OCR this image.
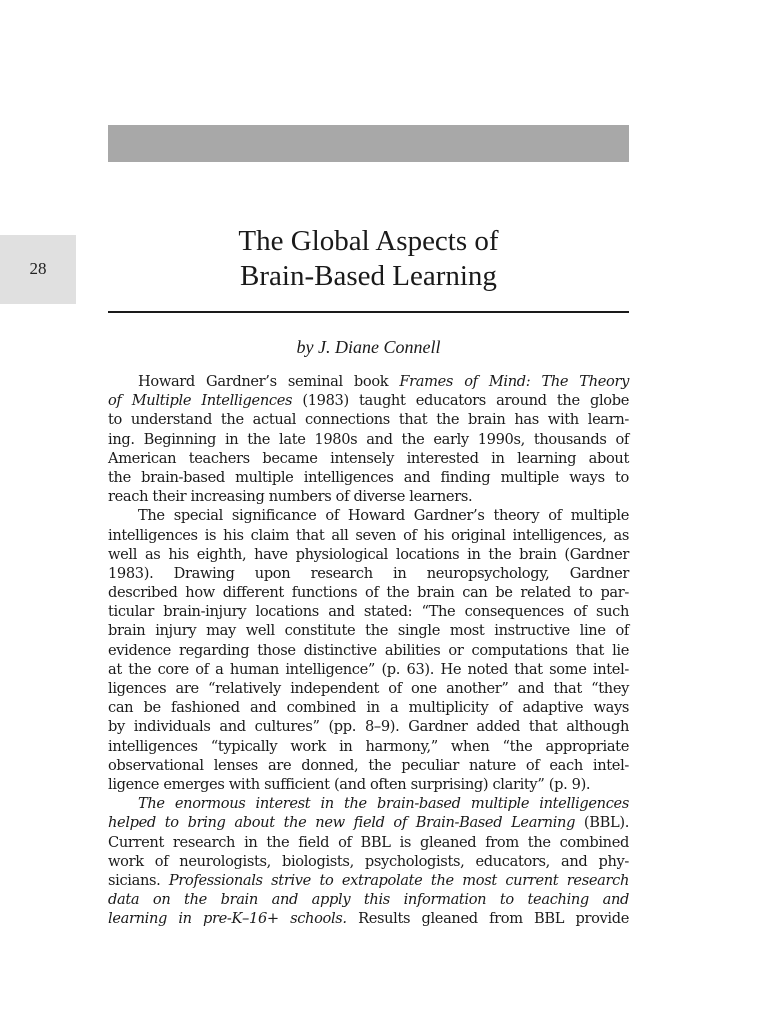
28
The Global Aspects of
Brain-Based Learning
by J. Diane Connell
Howard Gardner’s seminal book Frames of Mind: The Theory
of Multiple Intelligences (1983) taught educators around the globe
to understand the actual connections that the brain has with learn-
ing. Beginning in the late 1980s and the early 1990s, thousands of
American teachers became intensely interested in learning about
the brain-based multiple intelligences and finding multiple ways to
reach their increasing numbers of diverse learners.
The special significance of Howard Gardner’s theory of multiple
intelligences is his claim that all seven of his original intelligences, as
well as his eighth, have physiological locations in the brain (Gardner
1983). Drawing upon research in neuropsychology, Gardner
described how different functions of the brain can be related to par-
ticular brain-injury locations and stated: “The consequences of such
brain injury may well constitute the single most instructive line of
evidence regarding those distinctive abilities or computations that lie
at the core of a human intelligence” (p. 63). He noted that some intel-
ligences are “relatively independent of one another” and that “they
can be fashioned and combined in a multiplicity of adaptive ways
by individuals and cultures” (pp. 8–9). Gardner added that although
intelligences “typically work in harmony,” when “the appropriate
observational lenses are donned, the peculiar nature of each intel-
ligence emerges with sufficient (and often surprising) clarity” (p. 9).
The enormous interest in the brain-based multiple intelligences
helped to bring about the new field of Brain-Based Learning (BBL).
Current research in the field of BBL is gleaned from the combined
work of neurologists, biologists, psychologists, educators, and phy-
sicians. Professionals strive to extrapolate the most current research
data on the brain and apply this information to teaching and
learning in pre-K–16+ schools. Results gleaned from BBL provide
